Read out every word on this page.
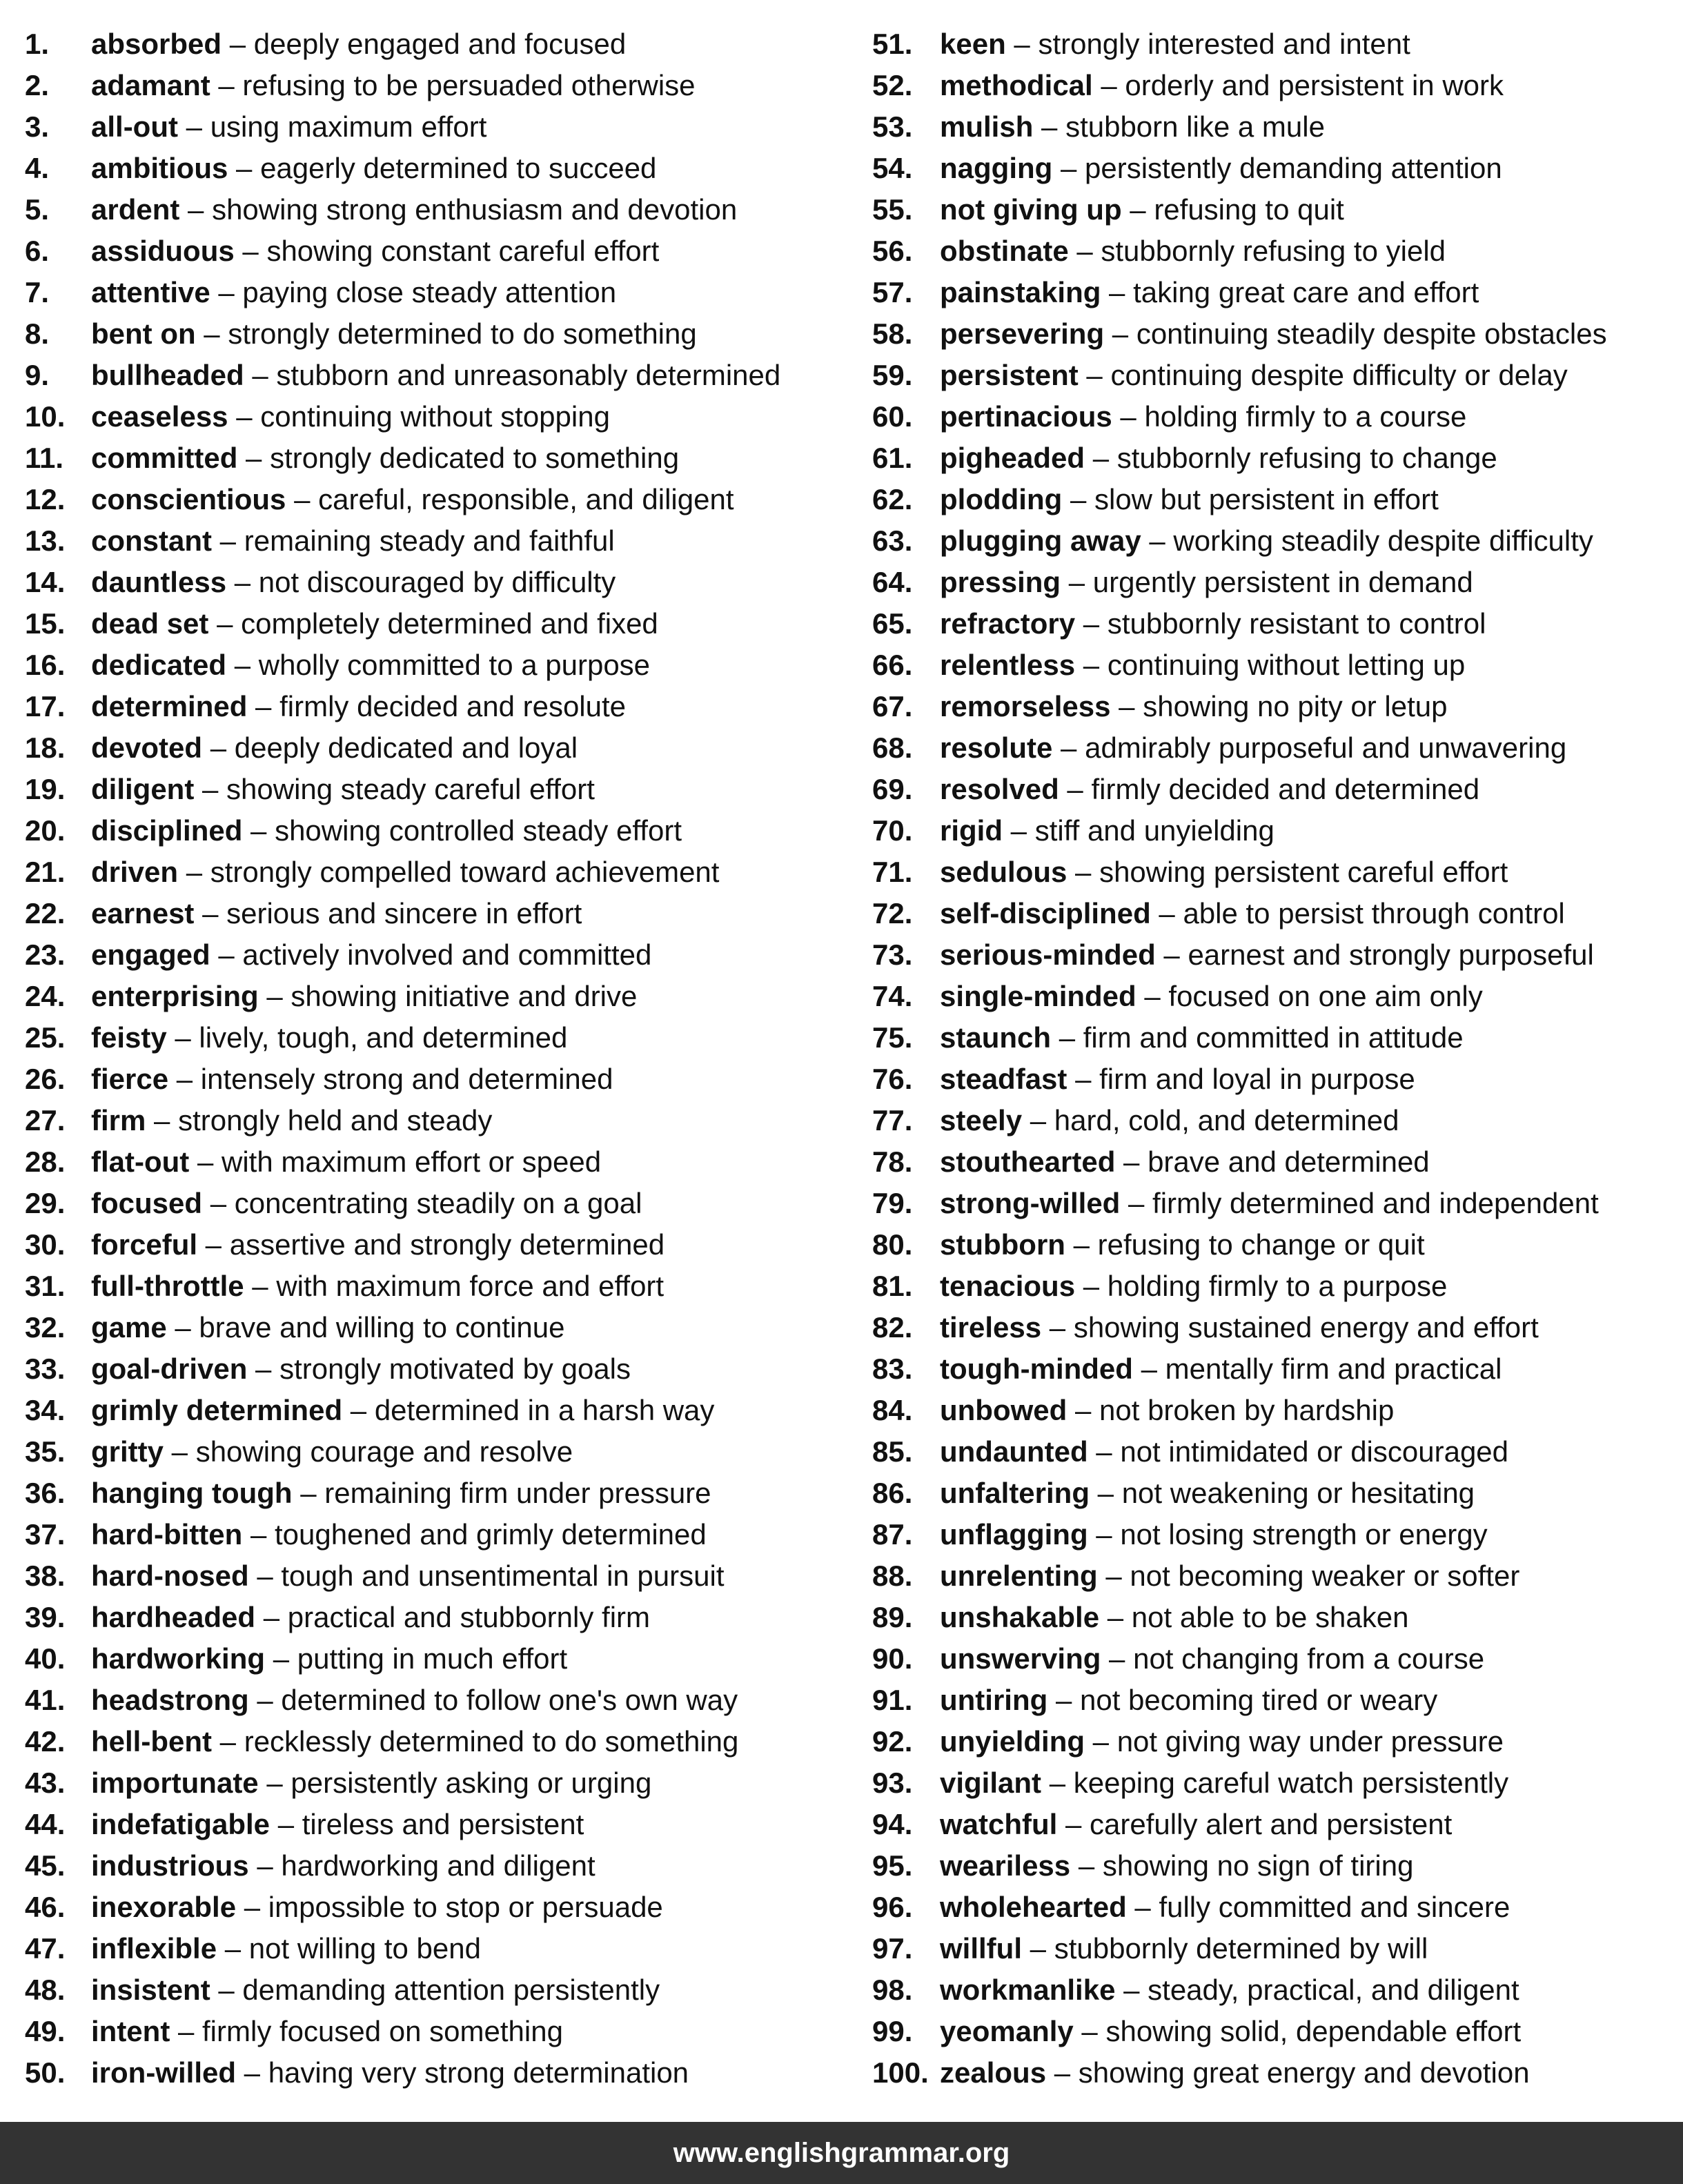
1.	absorbed – deeply engaged and focused
2.	adamant – refusing to be persuaded otherwise
3.	all-out – using maximum effort
4.	ambitious – eagerly determined to succeed
5.	ardent – showing strong enthusiasm and devotion
6.	assiduous – showing constant careful effort
7.	attentive – paying close steady attention
8.	bent on – strongly determined to do something
9.	bullheaded – stubborn and unreasonably determined
10. ceaseless – continuing without stopping
11. committed – strongly dedicated to something
12. conscientious – careful, responsible, and diligent
13. constant – remaining steady and faithful
14. dauntless – not discouraged by difficulty
15. dead set – completely determined and fixed
16. dedicated – wholly committed to a purpose
17. determined – firmly decided and resolute
18. devoted – deeply dedicated and loyal
19. diligent – showing steady careful effort
20. disciplined – showing controlled steady effort
21. driven – strongly compelled toward achievement
22. earnest – serious and sincere in effort
23. engaged – actively involved and committed
24. enterprising – showing initiative and drive
25. feisty – lively, tough, and determined
26. fierce – intensely strong and determined
27. firm – strongly held and steady
28. flat-out – with maximum effort or speed
29. focused – concentrating steadily on a goal
30. forceful – assertive and strongly determined
31. full-throttle – with maximum force and effort
32. game – brave and willing to continue
33. goal-driven – strongly motivated by goals
34. grimly determined – determined in a harsh way
35. gritty – showing courage and resolve
36. hanging tough – remaining firm under pressure
37. hard-bitten – toughened and grimly determined
38. hard-nosed – tough and unsentimental in pursuit
39. hardheaded – practical and stubbornly firm
40. hardworking – putting in much effort
41. headstrong – determined to follow one's own way
42. hell-bent – recklessly determined to do something
43. importunate – persistently asking or urging
44. indefatigable – tireless and persistent
45. industrious – hardworking and diligent
46. inexorable – impossible to stop or persuade
47. inflexible – not willing to bend
48. insistent – demanding attention persistently
49. intent – firmly focused on something
50. iron-willed – having very strong determination
51. keen – strongly interested and intent
52. methodical – orderly and persistent in work
53. mulish – stubborn like a mule
54. nagging – persistently demanding attention
55. not giving up – refusing to quit
56. obstinate – stubbornly refusing to yield
57. painstaking – taking great care and effort
58. persevering – continuing steadily despite obstacles
59. persistent – continuing despite difficulty or delay
60. pertinacious – holding firmly to a course
61. pigheaded – stubbornly refusing to change
62. plodding – slow but persistent in effort
63. plugging away – working steadily despite difficulty
64. pressing – urgently persistent in demand
65. refractory – stubbornly resistant to control
66. relentless – continuing without letting up
67. remorseless – showing no pity or letup
68. resolute – admirably purposeful and unwavering
69. resolved – firmly decided and determined
70. rigid – stiff and unyielding
71. sedulous – showing persistent careful effort
72. self-disciplined – able to persist through control
73. serious-minded – earnest and strongly purposeful
74. single-minded – focused on one aim only
75. staunch – firm and committed in attitude
76. steadfast – firm and loyal in purpose
77. steely – hard, cold, and determined
78. stouthearted – brave and determined
79. strong-willed – firmly determined and independent
80. stubborn – refusing to change or quit
81. tenacious – holding firmly to a purpose
82. tireless – showing sustained energy and effort
83. tough-minded – mentally firm and practical
84. unbowed – not broken by hardship
85. undaunted – not intimidated or discouraged
86. unfaltering – not weakening or hesitating
87. unflagging – not losing strength or energy
88. unrelenting – not becoming weaker or softer
89. unshakable – not able to be shaken
90. unswerving – not changing from a course
91. untiring – not becoming tired or weary
92. unyielding – not giving way under pressure
93. vigilant – keeping careful watch persistently
94. watchful – carefully alert and persistent
95. weariless – showing no sign of tiring
96. wholehearted – fully committed and sincere
97. willful – stubbornly determined by will
98. workmanlike – steady, practical, and diligent
99. yeomanly – showing solid, dependable effort
100. zealous – showing great energy and devotion
www.englishgrammar.org
